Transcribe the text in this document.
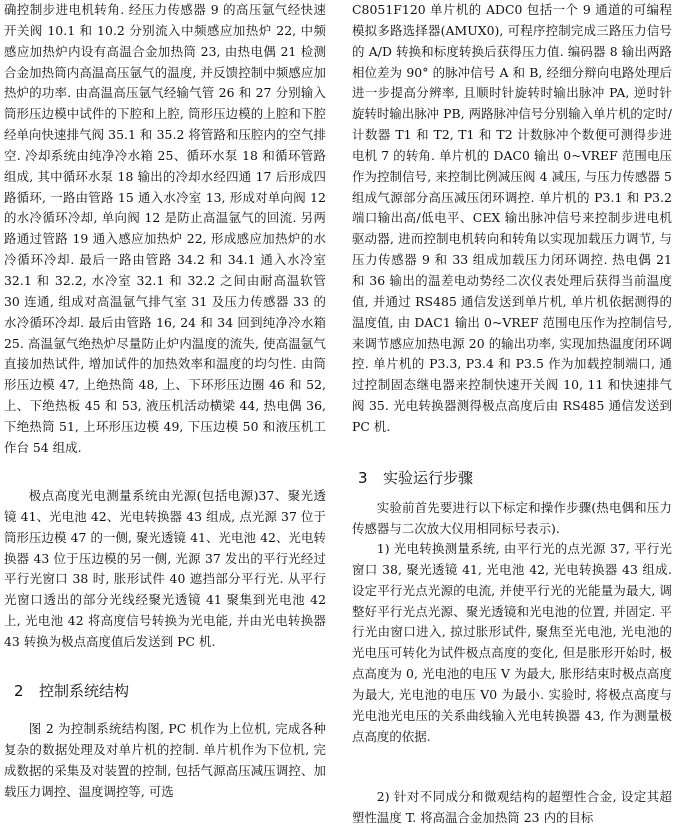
确控制步进电机转角. 经压力传感器 9 的高压氩气经快速开关阀 10.1 和 10.2 分别流入中频感应加热炉 22, 中频感应加热炉内设有高温合金加热筒 23, 由热电偶 21 检测合金加热筒内高温高压氩气的温度, 并反馈控制中频感应加热炉的功率. 由高温高压氩气经输气管 26 和 27 分别输入筒形压边模中试件的下腔和上腔, 筒形压边模的上腔和下腔经单向快速排气阀 35.1 和 35.2 将管路和压腔内的空气排空. 冷却系统由纯净冷水箱 25、循环水泵 18 和循环管路组成, 其中循环水泵 18 输出的冷却水经四通 17 后形成四路循环, 一路由管路 15 通入水冷室 13, 形成对单向阀 12 的水冷循环冷却, 单向阀 12 是防止高温氩气的回流. 另两路通过管路 19 通入感应加热炉 22, 形成感应加热炉的水冷循环冷却. 最后一路由管路 34.2 和 34.1 通入水冷室 32.1 和 32.2, 水冷室 32.1 和 32.2 之间由耐高温软管 30 连通, 组成对高温氩气排气室 31 及压力传感器 33 的水冷循环冷却. 最后由管路 16, 24 和 34 回到纯净冷水箱 25. 高温氩气绝热炉尽量防止炉内温度的流失, 使高温氩气直接加热试件, 增加试件的加热效率和温度的均匀性. 由筒形压边模 47, 上绝热筒 48, 上、下环形压边圈 46 和 52, 上、下绝热板 45 和 53, 液压机活动横梁 44, 热电偶 36, 下绝热筒 51, 上环形压边模 49, 下压边模 50 和液压机工作台 54 组成.

极点高度光电测量系统由光源(包括电源)37、聚光透镜 41、光电池 42、光电转换器 43 组成, 点光源 37 位于筒形压边模 47 的一侧, 聚光透镜 41、光电池 42、光电转换器 43 位于压边模的另一侧, 光源 37 发出的平行光经过平行光窗口 38 时, 胀形试件 40 遮挡部分平行光. 从平行光窗口透出的部分光线经聚光透镜 41 聚集到光电池 42 上, 光电池 42 将高度信号转换为光电能, 并由光电转换器 43 转换为极点高度值后发送到 PC 机.

2 控制系统结构

图 2 为控制系统结构图, PC 机作为上位机, 完成各种复杂的数据处理及对单片机的控制. 单片机作为下位机, 完成数据的采集及对装置的控制, 包括气源高压减压调控、加载压力调控、温度调控等, 可选

C8051F120 单片机的 ADC0 包括一个 9 通道的可编程模拟多路选择器(AMUX0), 可程序控制完成三路压力信号的 A/D 转换和标度转换后获得压力值. 编码器 8 输出两路相位差为 90° 的脉冲信号 A 和 B, 经细分辩向电路处理后进一步提高分辨率, 且顺时针旋转时输出脉冲 PA, 逆时针旋转时输出脉冲 PB, 两路脉冲信号分别输入单片机的定时/计数器 T1 和 T2, T1 和 T2 计数脉冲个数便可测得步进电机 7 的转角. 单片机的 DAC0 输出 0~VREF 范围电压作为控制信号, 来控制比例减压阀 4 减压, 与压力传感器 5 组成气源部分高压减压闭环调控. 单片机的 P3.1 和 P3.2 端口输出高/低电平、CEX 输出脉冲信号来控制步进电机驱动器, 进而控制电机转向和转角以实现加载压力调节, 与压力传感器 9 和 33 组成加载压力闭环调控. 热电偶 21 和 36 输出的温差电动势经二次仪表处理后获得当前温度值, 并通过 RS485 通信发送到单片机, 单片机依据测得的温度值, 由 DAC1 输出 0~VREF 范围电压作为控制信号, 来调节感应加热电源 20 的输出功率, 实现加热温度闭环调控. 单片机的 P3.3, P3.4 和 P3.5 作为加载控制端口, 通过控制固态继电器来控制快速开关阀 10, 11 和快速排气阀 35. 光电转换器测得极点高度后由 RS485 通信发送到 PC 机.

3 实验运行步骤

实验前首先要进行以下标定和操作步骤(热电偶和压力传感器与二次放大仪用相同标号表示).

1) 光电转换测量系统, 由平行光的点光源 37, 平行光窗口 38, 聚光透镜 41, 光电池 42, 光电转换器 43 组成. 设定平行光点光源的电流, 并使平行光的光能量为最大, 调整好平行光点光源、聚光透镜和光电池的位置, 并固定. 平行光由窗口进入, 掠过胀形试件, 聚焦至光电池, 光电池的光电压可转化为试件极点高度的变化, 但是胀形开始时, 极点高度为 0, 光电池的电压 V 为最大, 胀形结束时极点高度为最大, 光电池的电压 V0 为最小. 实验时, 将极点高度与光电池光电压的关系曲线输入光电转换器 43, 作为测量极点高度的依据.

2) 针对不同成分和微观结构的超塑性合金, 设定其超塑性温度 T. 将高温合金加热筒 23 内的目标
